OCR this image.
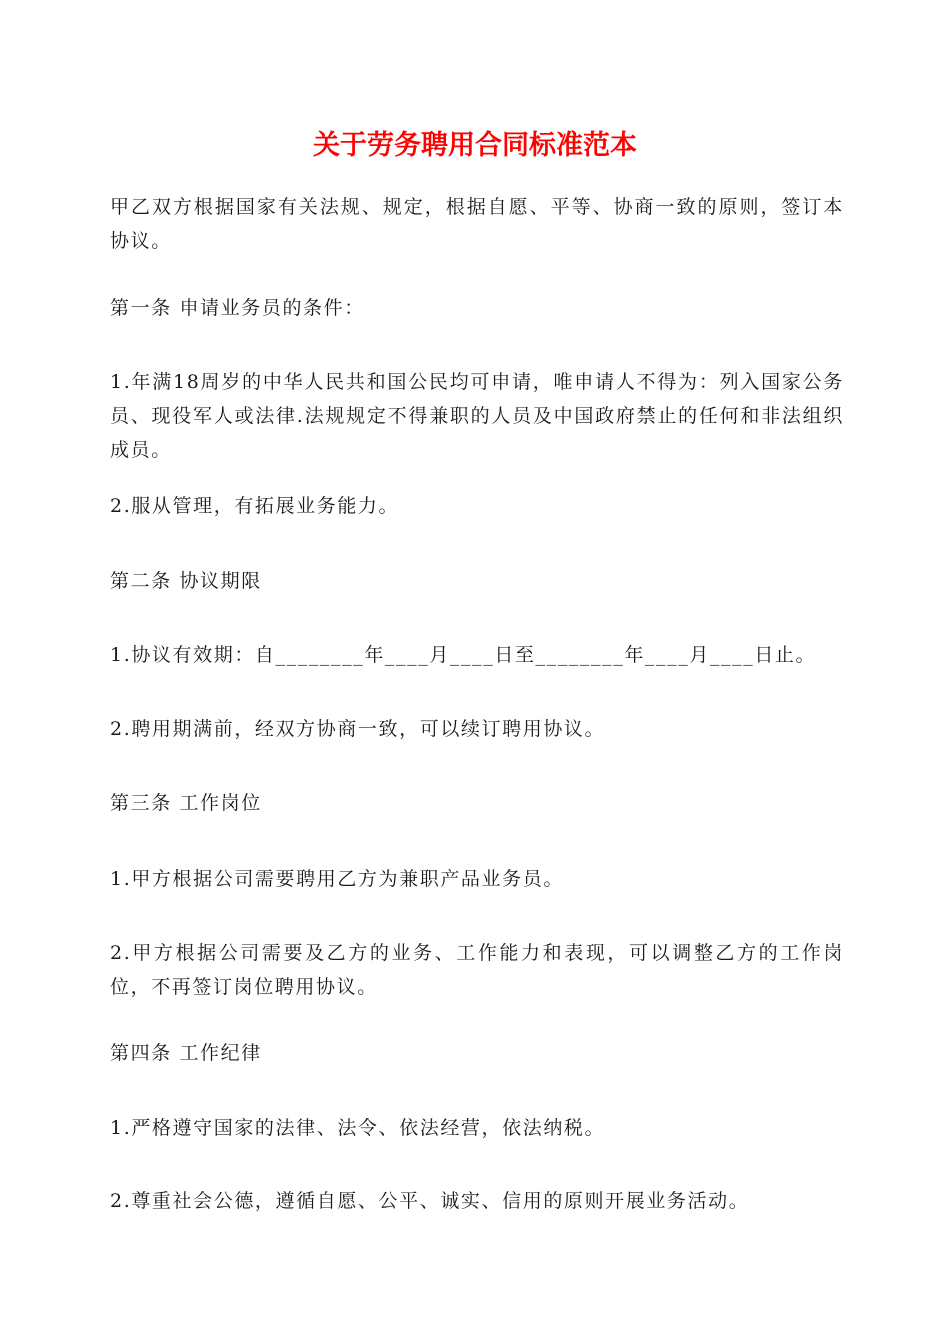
关于劳务聘用合同标准范本
甲乙双方根据国家有关法规、规定，根据自愿、平等、协商一致的原则，签订本协议。
第一条 申请业务员的条件：
1.年满18周岁的中华人民共和国公民均可申请，唯申请人不得为：列入国家公务员、现役军人或法律.法规规定不得兼职的人员及中国政府禁止的任何和非法组织成员。
2.服从管理，有拓展业务能力。
第二条 协议期限
1.协议有效期：自________年____月____日至________年____月____日止。
2.聘用期满前，经双方协商一致，可以续订聘用协议。
第三条 工作岗位
1.甲方根据公司需要聘用乙方为兼职产品业务员。
2.甲方根据公司需要及乙方的业务、工作能力和表现，可以调整乙方的工作岗位，不再签订岗位聘用协议。
第四条 工作纪律
1.严格遵守国家的法律、法令、依法经营，依法纳税。
2.尊重社会公德，遵循自愿、公平、诚实、信用的原则开展业务活动。
